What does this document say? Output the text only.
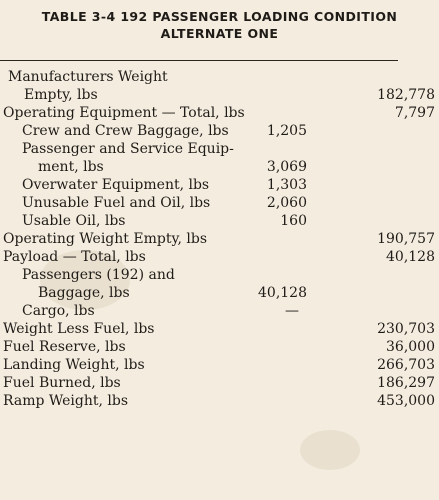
TABLE 3-4 192 PASSENGER LOADING CONDITION
ALTERNATE ONE
Manufacturers Weight
Empty, lbs	182,778
Operating Equipment — Total, lbs	7,797
Crew and Crew Baggage, lbs	1,205
Passenger and Service Equip-
ment, lbs	3,069
Overwater Equipment, lbs	1,303
Unusable Fuel and Oil, lbs	2,060
Usable Oil, lbs	160
Operating Weight Empty, lbs	190,757
Payload — Total, lbs	40,128
Passengers (192) and
Baggage, lbs	40,128
Cargo, lbs	—
Weight Less Fuel, lbs	230,703
Fuel Reserve, lbs	36,000
Landing Weight, lbs	266,703
Fuel Burned, lbs	186,297
Ramp Weight, lbs	453,000
